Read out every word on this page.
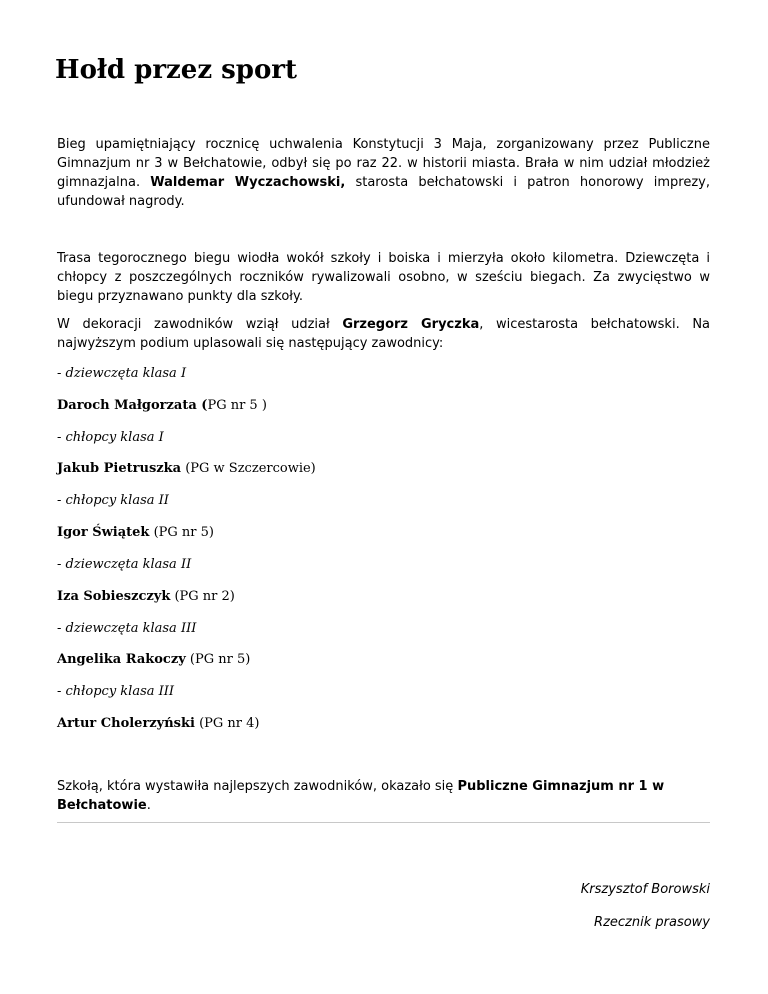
Hołd przez sport

Bieg upamiętniający rocznicę uchwalenia Konstytucji 3 Maja, zorganizowany przez Publiczne Gimnazjum nr 3 w Bełchatowie, odbył się po raz 22. w historii miasta. Brała w nim udział młodzież gimnazjalna. Waldemar Wyczachowski, starosta bełchatowski i patron honorowy imprezy, ufundował nagrody.

Trasa tegorocznego biegu wiodła wokół szkoły i boiska i mierzyła około kilometra. Dziewczęta i chłopcy z poszczególnych roczników rywalizowali osobno, w sześciu biegach. Za zwycięstwo w biegu przyznawano punkty dla szkoły.

W dekoracji zawodników wziął udział Grzegorz Gryczka, wicestarosta bełchatowski. Na najwyższym podium uplasowali się następujący zawodnicy:

- dziewczęta klasa I

Daroch Małgorzata (PG nr 5 )

- chłopcy klasa I

Jakub Pietruszka (PG w Szczercowie)

- chłopcy klasa II

Igor Świątek (PG nr 5)

- dziewczęta klasa II

Iza Sobieszczyk (PG nr 2)

- dziewczęta klasa III

Angelika Rakoczy (PG nr 5)

- chłopcy klasa III

Artur Cholerzyński (PG nr 4)

Szkołą, która wystawiła najlepszych zawodników, okazało się Publiczne Gimnazjum nr 1 w Bełchatowie.

Krszysztof Borowski

Rzecznik prasowy
